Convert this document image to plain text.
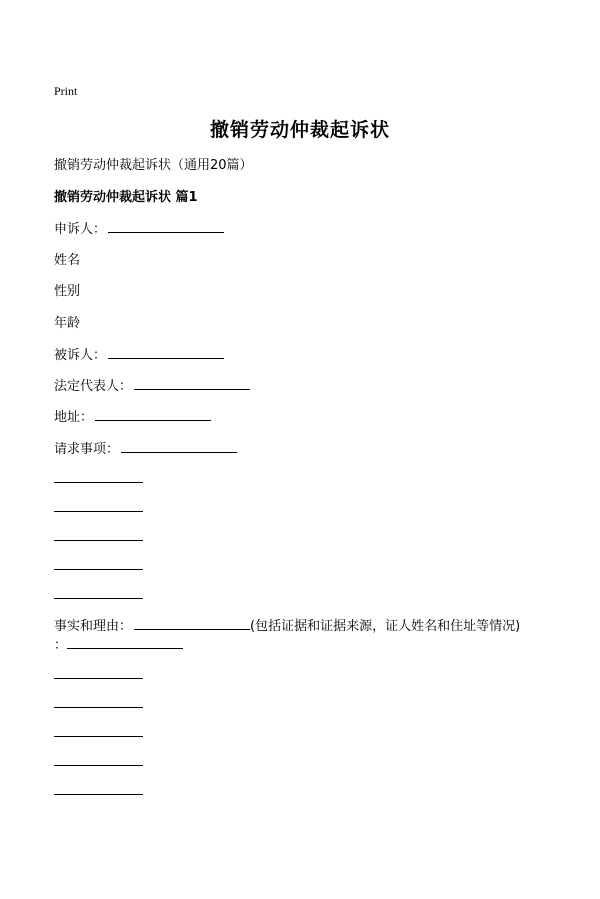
Print
撤销劳动仲裁起诉状
撤销劳动仲裁起诉状（通用20篇）
撤销劳动仲裁起诉状 篇1
申诉人：
姓名
性别
年龄
被诉人：
法定代表人：
地址：
请求事项：
事实和理由：	(包括证据和证据来源，证人姓名和住址等情况)
：
